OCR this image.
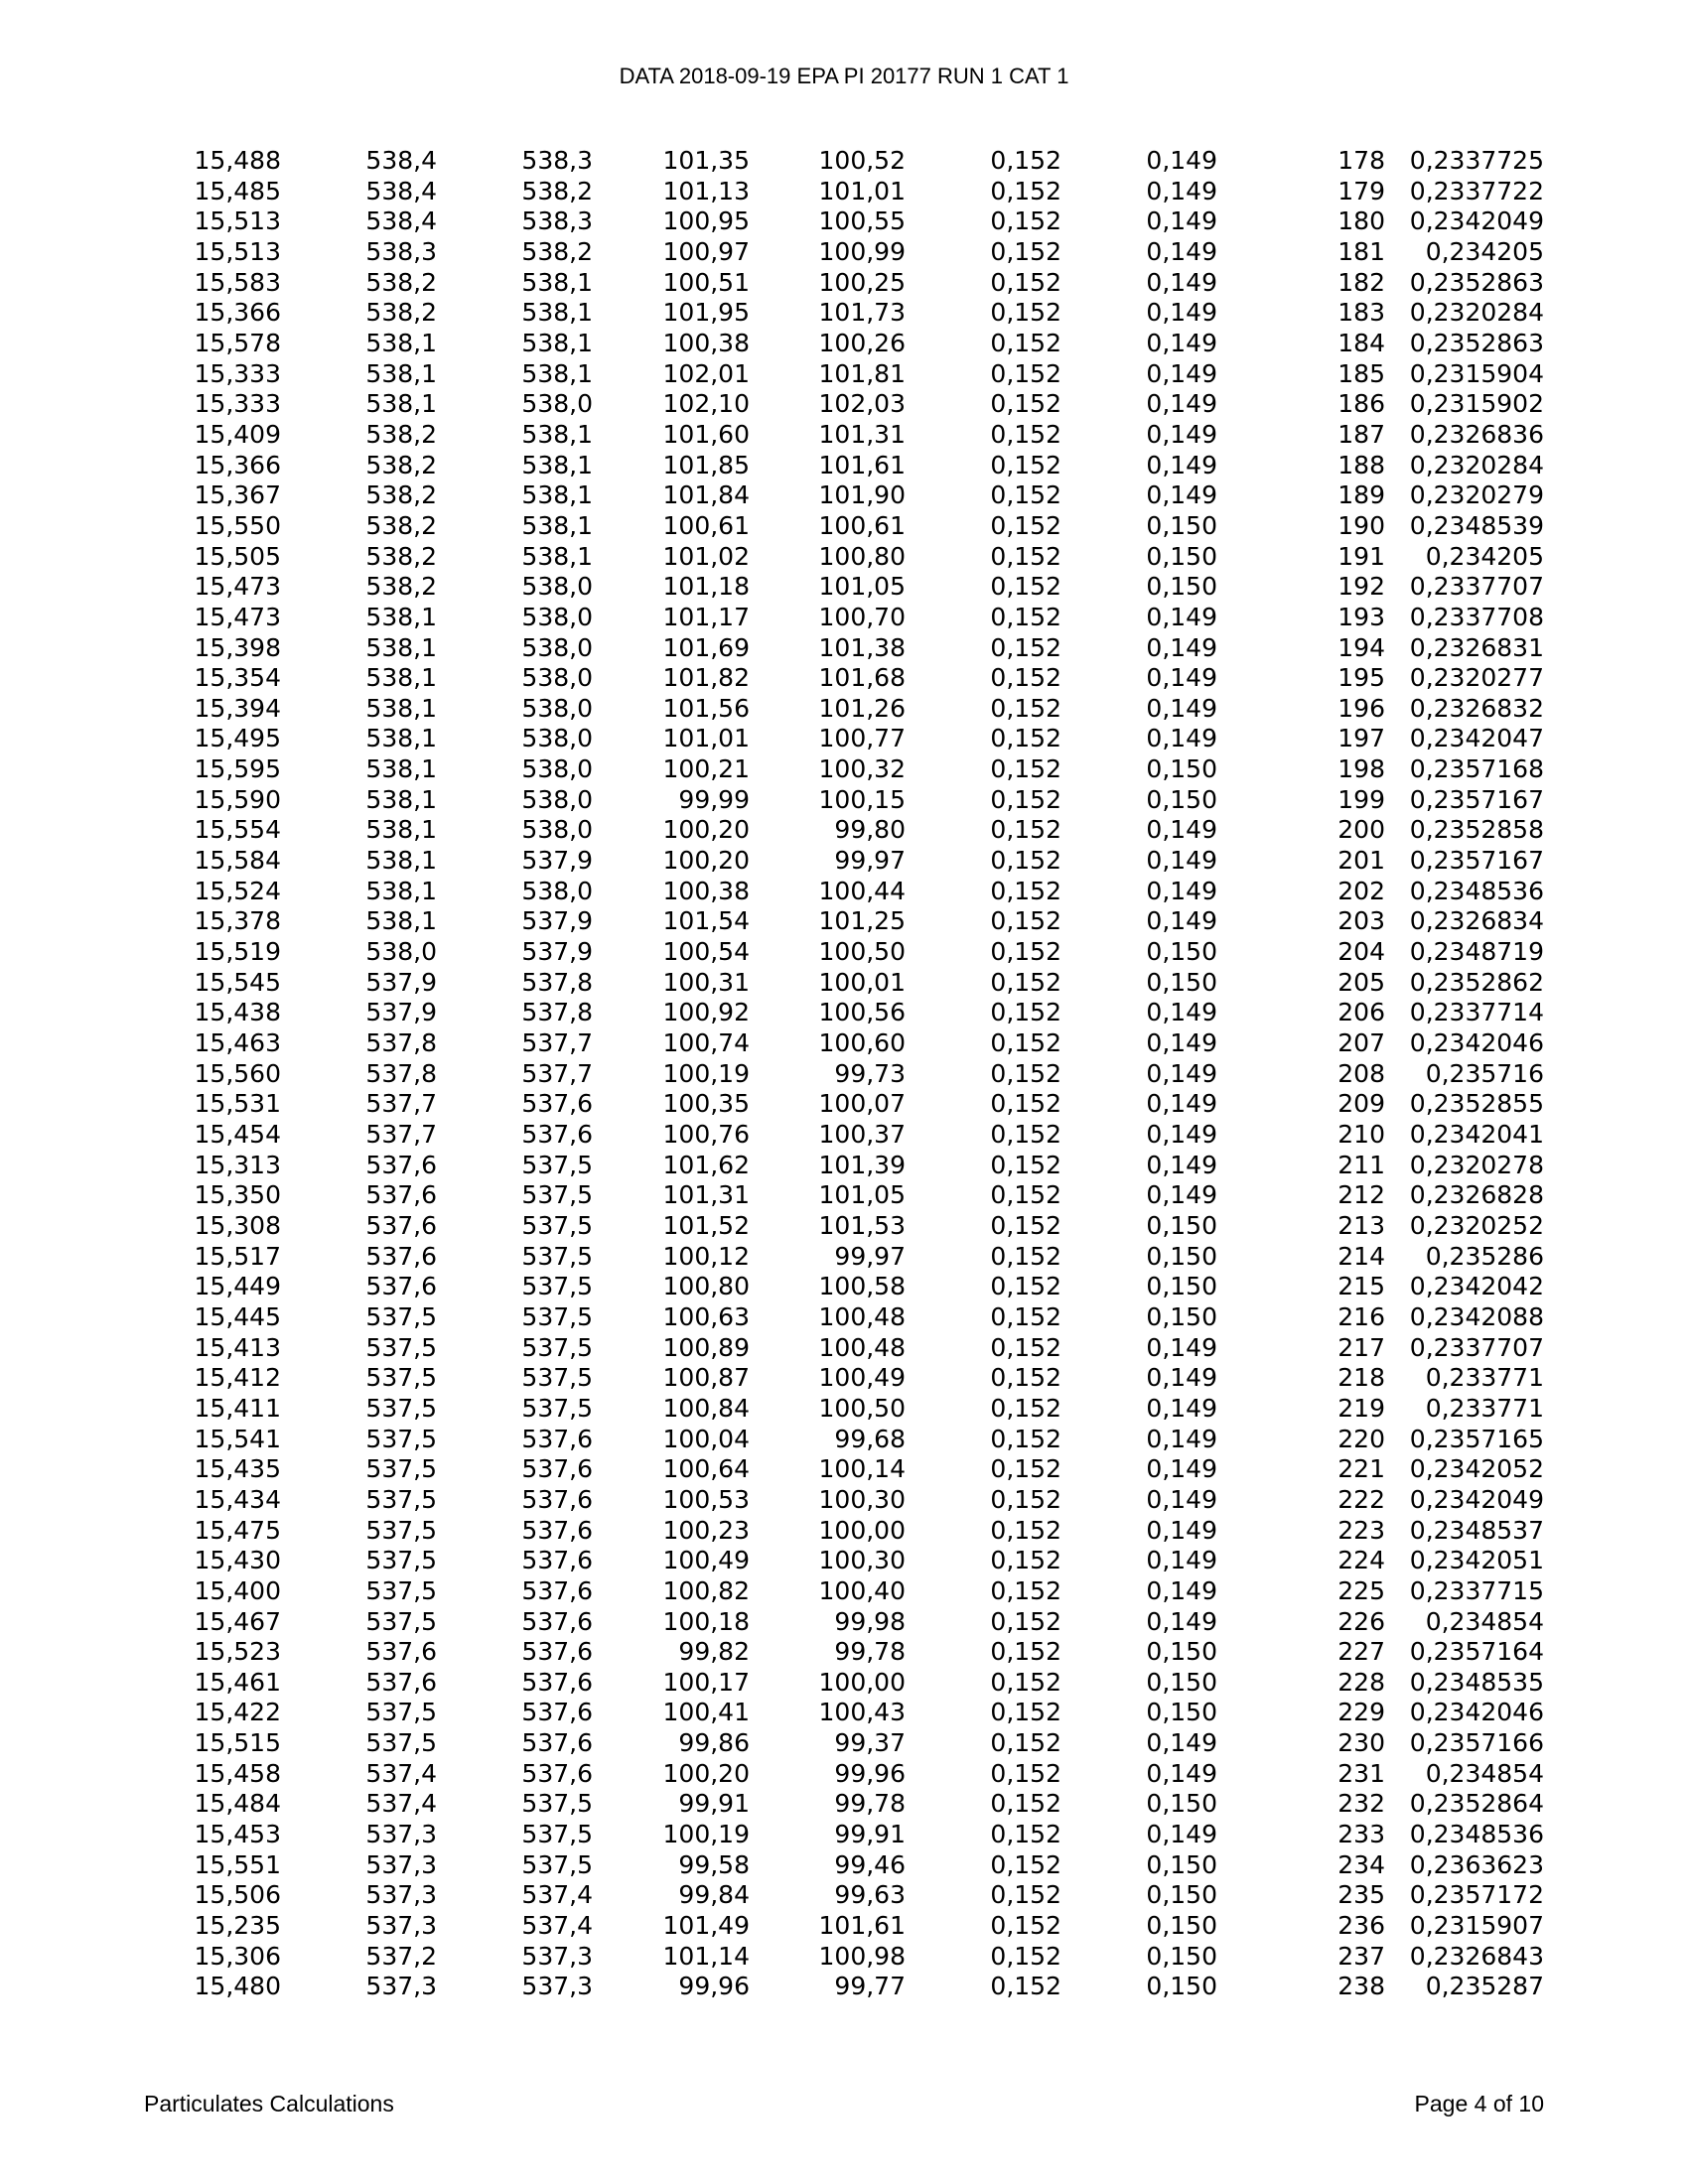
DATA 2018-09-19 EPA PI 20177 RUN 1 CAT 1
15,488	538,4	538,3	101,35	100,52	0,152	0,149	178	0,2337725
15,485	538,4	538,2	101,13	101,01	0,152	0,149	179	0,2337722
15,513	538,4	538,3	100,95	100,55	0,152	0,149	180	0,2342049
15,513	538,3	538,2	100,97	100,99	0,152	0,149	181	0,234205
15,583	538,2	538,1	100,51	100,25	0,152	0,149	182	0,2352863
15,366	538,2	538,1	101,95	101,73	0,152	0,149	183	0,2320284
15,578	538,1	538,1	100,38	100,26	0,152	0,149	184	0,2352863
15,333	538,1	538,1	102,01	101,81	0,152	0,149	185	0,2315904
15,333	538,1	538,0	102,10	102,03	0,152	0,149	186	0,2315902
15,409	538,2	538,1	101,60	101,31	0,152	0,149	187	0,2326836
15,366	538,2	538,1	101,85	101,61	0,152	0,149	188	0,2320284
15,367	538,2	538,1	101,84	101,90	0,152	0,149	189	0,2320279
15,550	538,2	538,1	100,61	100,61	0,152	0,150	190	0,2348539
15,505	538,2	538,1	101,02	100,80	0,152	0,150	191	0,234205
15,473	538,2	538,0	101,18	101,05	0,152	0,150	192	0,2337707
15,473	538,1	538,0	101,17	100,70	0,152	0,149	193	0,2337708
15,398	538,1	538,0	101,69	101,38	0,152	0,149	194	0,2326831
15,354	538,1	538,0	101,82	101,68	0,152	0,149	195	0,2320277
15,394	538,1	538,0	101,56	101,26	0,152	0,149	196	0,2326832
15,495	538,1	538,0	101,01	100,77	0,152	0,149	197	0,2342047
15,595	538,1	538,0	100,21	100,32	0,152	0,150	198	0,2357168
15,590	538,1	538,0	99,99	100,15	0,152	0,150	199	0,2357167
15,554	538,1	538,0	100,20	99,80	0,152	0,149	200	0,2352858
15,584	538,1	537,9	100,20	99,97	0,152	0,149	201	0,2357167
15,524	538,1	538,0	100,38	100,44	0,152	0,149	202	0,2348536
15,378	538,1	537,9	101,54	101,25	0,152	0,149	203	0,2326834
15,519	538,0	537,9	100,54	100,50	0,152	0,150	204	0,2348719
15,545	537,9	537,8	100,31	100,01	0,152	0,150	205	0,2352862
15,438	537,9	537,8	100,92	100,56	0,152	0,149	206	0,2337714
15,463	537,8	537,7	100,74	100,60	0,152	0,149	207	0,2342046
15,560	537,8	537,7	100,19	99,73	0,152	0,149	208	0,235716
15,531	537,7	537,6	100,35	100,07	0,152	0,149	209	0,2352855
15,454	537,7	537,6	100,76	100,37	0,152	0,149	210	0,2342041
15,313	537,6	537,5	101,62	101,39	0,152	0,149	211	0,2320278
15,350	537,6	537,5	101,31	101,05	0,152	0,149	212	0,2326828
15,308	537,6	537,5	101,52	101,53	0,152	0,150	213	0,2320252
15,517	537,6	537,5	100,12	99,97	0,152	0,150	214	0,235286
15,449	537,6	537,5	100,80	100,58	0,152	0,150	215	0,2342042
15,445	537,5	537,5	100,63	100,48	0,152	0,150	216	0,2342088
15,413	537,5	537,5	100,89	100,48	0,152	0,149	217	0,2337707
15,412	537,5	537,5	100,87	100,49	0,152	0,149	218	0,233771
15,411	537,5	537,5	100,84	100,50	0,152	0,149	219	0,233771
15,541	537,5	537,6	100,04	99,68	0,152	0,149	220	0,2357165
15,435	537,5	537,6	100,64	100,14	0,152	0,149	221	0,2342052
15,434	537,5	537,6	100,53	100,30	0,152	0,149	222	0,2342049
15,475	537,5	537,6	100,23	100,00	0,152	0,149	223	0,2348537
15,430	537,5	537,6	100,49	100,30	0,152	0,149	224	0,2342051
15,400	537,5	537,6	100,82	100,40	0,152	0,149	225	0,2337715
15,467	537,5	537,6	100,18	99,98	0,152	0,149	226	0,234854
15,523	537,6	537,6	99,82	99,78	0,152	0,150	227	0,2357164
15,461	537,6	537,6	100,17	100,00	0,152	0,150	228	0,2348535
15,422	537,5	537,6	100,41	100,43	0,152	0,150	229	0,2342046
15,515	537,5	537,6	99,86	99,37	0,152	0,149	230	0,2357166
15,458	537,4	537,6	100,20	99,96	0,152	0,149	231	0,234854
15,484	537,4	537,5	99,91	99,78	0,152	0,150	232	0,2352864
15,453	537,3	537,5	100,19	99,91	0,152	0,149	233	0,2348536
15,551	537,3	537,5	99,58	99,46	0,152	0,150	234	0,2363623
15,506	537,3	537,4	99,84	99,63	0,152	0,150	235	0,2357172
15,235	537,3	537,4	101,49	101,61	0,152	0,150	236	0,2315907
15,306	537,2	537,3	101,14	100,98	0,152	0,150	237	0,2326843
15,480	537,3	537,3	99,96	99,77	0,152	0,150	238	0,235287
Particulates Calculations	Page 4 of 10
